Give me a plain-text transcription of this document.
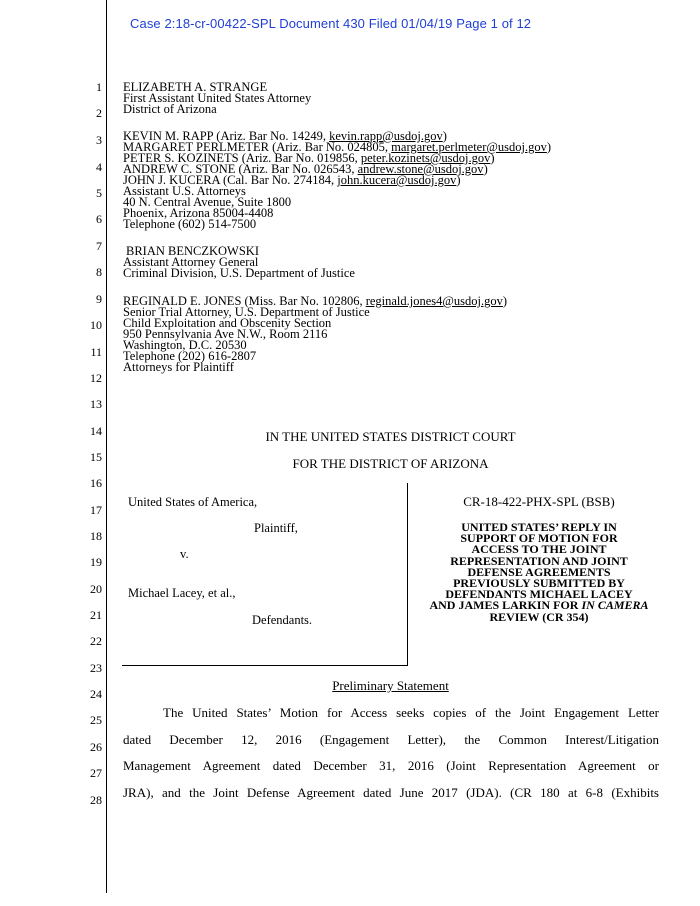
Case 2:18-cr-00422-SPL Document 430 Filed 01/04/19 Page 1 of 12
1
2
3
4
5
6
7
8
9
10
11
12
13
14
15
16
17
18
19
20
21
22
23
24
25
26
27
28
ELIZABETH A. STRANGE
First Assistant United States Attorney
District of Arizona
KEVIN M. RAPP (Ariz. Bar No. 14249, kevin.rapp@usdoj.gov)
MARGARET PERLMETER (Ariz. Bar No. 024805, margaret.perlmeter@usdoj.gov)
PETER S. KOZINETS (Ariz. Bar No. 019856, peter.kozinets@usdoj.gov)
ANDREW C. STONE (Ariz. Bar No. 026543, andrew.stone@usdoj.gov)
JOHN J. KUCERA (Cal. Bar No. 274184, john.kucera@usdoj.gov)
Assistant U.S. Attorneys
40 N. Central Avenue, Suite 1800
Phoenix, Arizona 85004-4408
Telephone (602) 514-7500
BRIAN BENCZKOWSKI
Assistant Attorney General
Criminal Division, U.S. Department of Justice
REGINALD E. JONES (Miss. Bar No. 102806, reginald.jones4@usdoj.gov)
Senior Trial Attorney, U.S. Department of Justice
Child Exploitation and Obscenity Section
950 Pennsylvania Ave N.W., Room 2116
Washington, D.C. 20530
Telephone (202) 616-2807
Attorneys for Plaintiff
IN THE UNITED STATES DISTRICT COURT
FOR THE DISTRICT OF ARIZONA
United States of America,
Plaintiff,
v.
Michael Lacey, et al.,
Defendants.
CR-18-422-PHX-SPL (BSB)
UNITED STATES’ REPLY IN
SUPPORT OF MOTION FOR
ACCESS TO THE JOINT
REPRESENTATION AND JOINT
DEFENSE AGREEMENTS
PREVIOUSLY SUBMITTED BY
DEFENDANTS MICHAEL LACEY
AND JAMES LARKIN FOR IN CAMERA REVIEW (CR 354)
Preliminary Statement
The United States’ Motion for Access seeks copies of the Joint Engagement Letter
dated December 12, 2016 (Engagement Letter), the Common Interest/Litigation
Management Agreement dated December 31, 2016 (Joint Representation Agreement or
JRA), and the Joint Defense Agreement dated June 2017 (JDA). (CR 180 at 6-8 (Exhibits
